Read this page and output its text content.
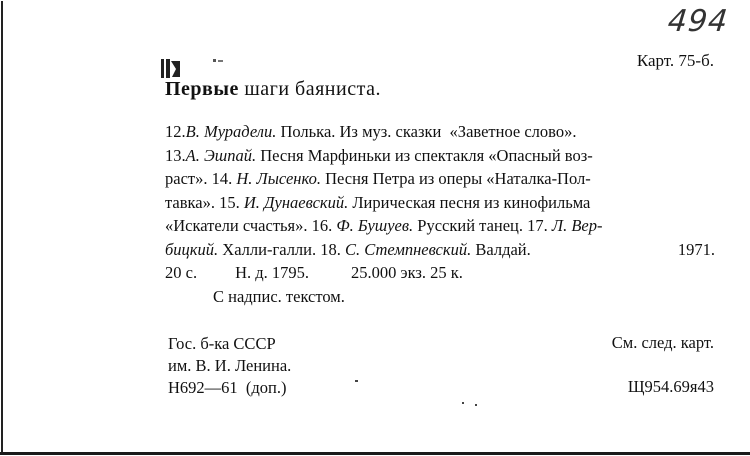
494
Карт. 75-б.
Первые шаги баяниста.
12. В. Мурадели. Полька. Из муз. сказки  «Заветное слово».
13. А. Эшпай. Песня Марфиньки из спектакля «Опасный воз-
раст». 14. Н. Лысенко. Песня Петра из оперы «Наталка-Пол-
тавка». 15. И. Дунаевский. Лирическая песня из кинофильма
«Искатели счастья». 16. Ф. Бушуев. Русский танец. 17. Л. Вер-
бицкий. Халли-галли. 18. С. Стемпневский. Валдай.	1971.
20 с. Н. д. 1795.	25.000 экз. 25 к.
С надпис. текстом.
Гос. б-ка СССР
им. В. И. Ленина.
Н692—61  (доп.)
См. след. карт.
Щ954.69я43
